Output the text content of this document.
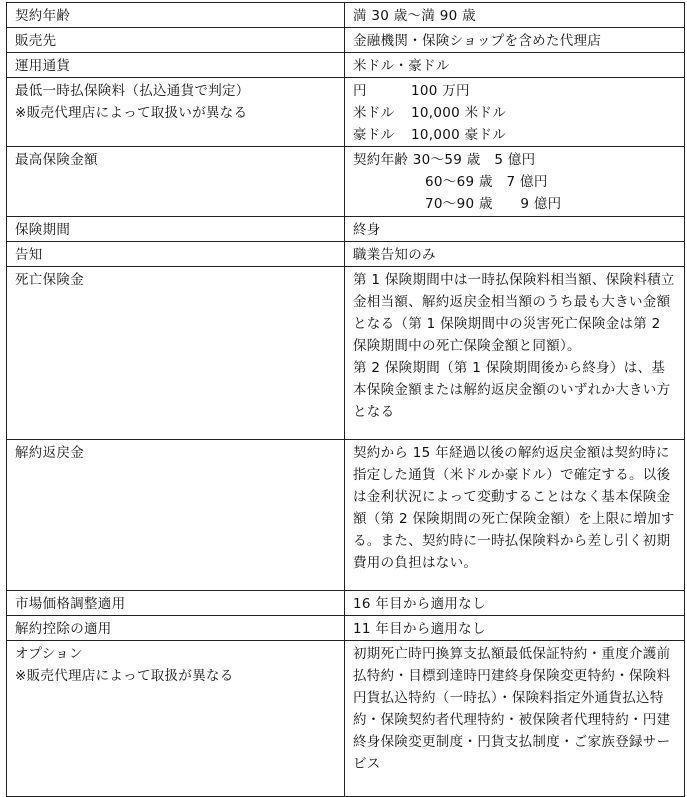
契約年齢	満 30 歳～満 90 歳

販売先	金融機関・保険ショップを含めた代理店

運用通貨	米ドル・豪ドル

最低一時払保険料（払込通貨で判定）
※販売代理店によって取扱いが異なる

円	100 万円
米ドル	10,000 米ドル
豪ドル	10,000 豪ドル

最高保険金額	契約年齢 30～59 歳　5 億円
60～69 歳　7 億円
70～90 歳　　9 億円

保険期間	終身

告知	職業告知のみ

死亡保険金	第 1 保険期間中は一時払保険料相当額、保険料積立金相当額、解約返戻金相当額のうち最も大きい金額となる（第 1 保険期間中の災害死亡保険金は第 2 保険期間中の死亡保険金額と同額）。
第 2 保険期間（第 1 保険期間後から終身）は、基本保険金額または解約返戻金額のいずれか大きい方となる

解約返戻金	契約から 15 年経過以後の解約返戻金額は契約時に指定した通貨（米ドルか豪ドル）で確定する。以後は金利状況によって変動することはなく基本保険金額（第 2 保険期間の死亡保険金額）を上限に増加する。また、契約時に一時払保険料から差し引く初期費用の負担はない。

市場価格調整適用	16 年目から適用なし

解約控除の適用	11 年目から適用なし

オプション
※販売代理店によって取扱が異なる	初期死亡時円換算支払額最低保証特約・重度介護前払特約・目標到達時円建終身保険変更特約・保険料円貨払込特約（一時払）・保険料指定外通貨払込特約・保険契約者代理特約・被保険者代理特約・円建終身保険変更制度・円貨支払制度・ご家族登録サービス
